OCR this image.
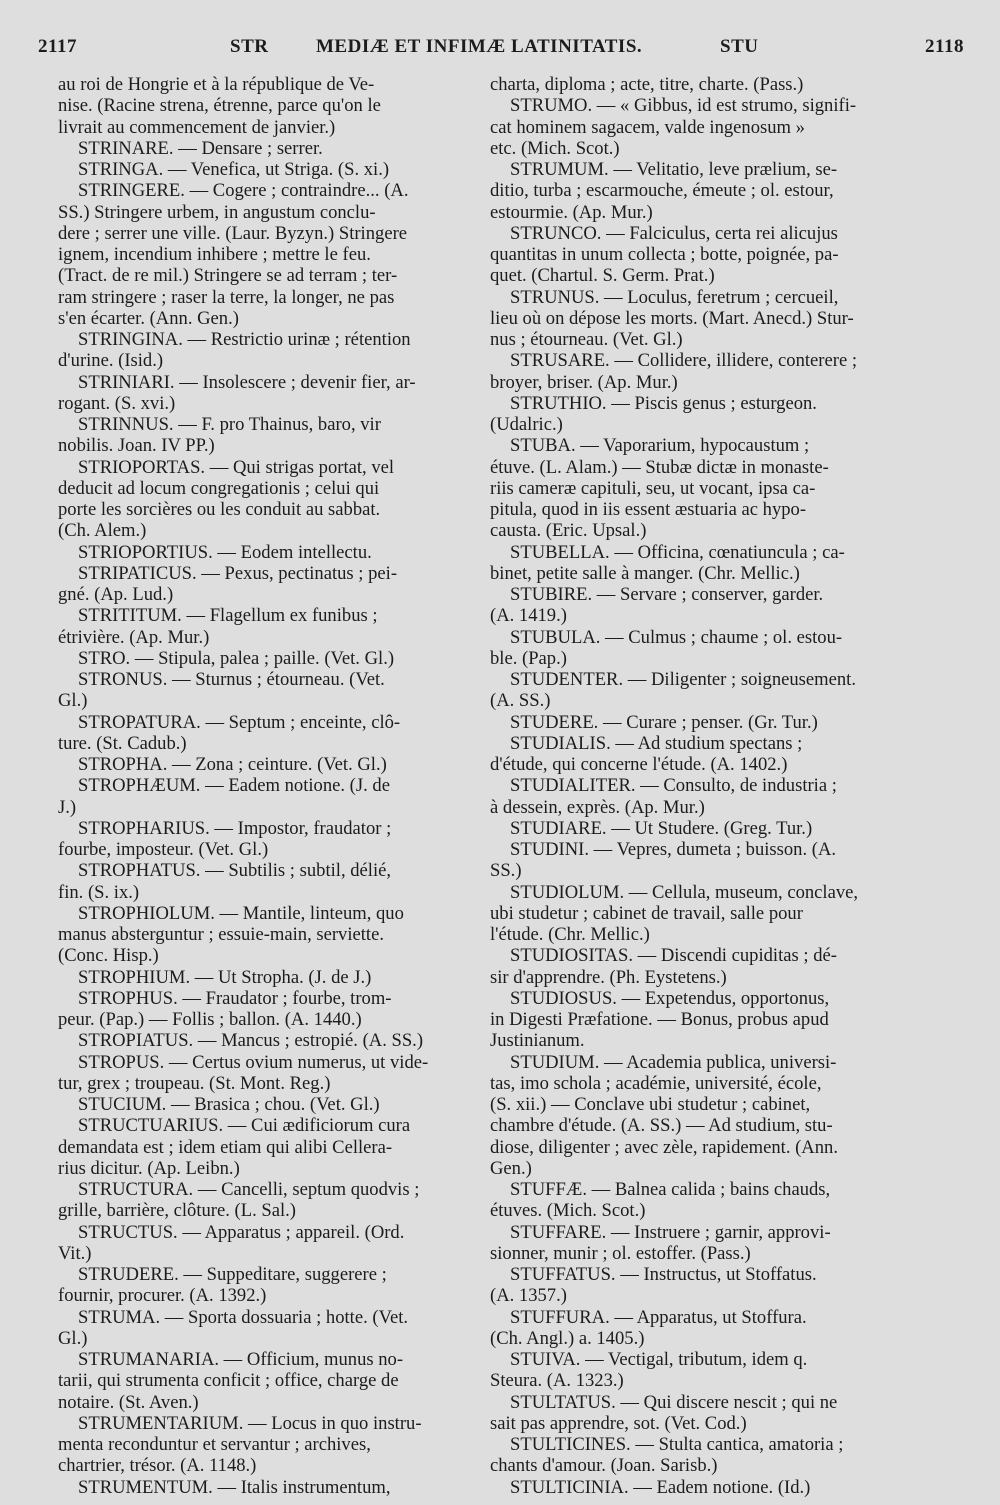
2117	STR	MEDIÆ ET INFIMÆ LATINITATIS.	STU	2118
au roi de Hongrie et à la république de Ve-
nise. (Racine strena, étrenne, parce qu'on le
livrait au commencement de janvier.)
STRINARE. — Densare ; serrer.
STRINGA. — Venefica, ut Striga. (S. xi.)
STRINGERE. — Cogere ; contraindre... (A.
SS.) Stringere urbem, in angustum conclu-
dere ; serrer une ville. (Laur. Byzyn.) Stringere
ignem, incendium inhibere ; mettre le feu.
(Tract. de re mil.) Stringere se ad terram ; ter-
ram stringere ; raser la terre, la longer, ne pas
s'en écarter. (Ann. Gen.)
STRINGINA. — Restrictio urinæ ; rétention
d'urine. (Isid.)
STRINIARI. — Insolescere ; devenir fier, ar-
rogant. (S. xvi.)
STRINNUS. — F. pro Thainus, baro, vir
nobilis. Joan. IV PP.)
STRIOPORTAS. — Qui strigas portat, vel
deducit ad locum congregationis ; celui qui
porte les sorcières ou les conduit au sabbat.
(Ch. Alem.)
STRIOPORTIUS. — Eodem intellectu.
STRIPATICUS. — Pexus, pectinatus ; pei-
gné. (Ap. Lud.)
STRITITUM. — Flagellum ex funibus ;
étrivière. (Ap. Mur.)
STRO. — Stipula, palea ; paille. (Vet. Gl.)
STRONUS. — Sturnus ; étourneau. (Vet.
Gl.)
STROPATURA. — Septum ; enceinte, clô-
ture. (St. Cadub.)
STROPHA. — Zona ; ceinture. (Vet. Gl.)
STROPHÆUM. — Eadem notione. (J. de
J.)
STROPHARIUS. — Impostor, fraudator ;
fourbe, imposteur. (Vet. Gl.)
STROPHATUS. — Subtilis ; subtil, délié,
fin. (S. ix.)
STROPHIOLUM. — Mantile, linteum, quo
manus absterguntur ; essuie-main, serviette.
(Conc. Hisp.)
STROPHIUM. — Ut Stropha. (J. de J.)
STROPHUS. — Fraudator ; fourbe, trom-
peur. (Pap.) — Follis ; ballon. (A. 1440.)
STROPIATUS. — Mancus ; estropié. (A. SS.)
STROPUS. — Certus ovium numerus, ut vide-
tur, grex ; troupeau. (St. Mont. Reg.)
STUCIUM. — Brasica ; chou. (Vet. Gl.)
STRUCTUARIUS. — Cui ædificiorum cura
demandata est ; idem etiam qui alibi Cellera-
rius dicitur. (Ap. Leibn.)
STRUCTURA. — Cancelli, septum quodvis ;
grille, barrière, clôture. (L. Sal.)
STRUCTUS. — Apparatus ; appareil. (Ord.
Vit.)
STRUDERE. — Suppeditare, suggerere ;
fournir, procurer. (A. 1392.)
STRUMA. — Sporta dossuaria ; hotte. (Vet.
Gl.)
STRUMANARIA. — Officium, munus no-
tarii, qui strumenta conficit ; office, charge de
notaire. (St. Aven.)
STRUMENTARIUM. — Locus in quo instru-
menta reconduntur et servantur ; archives,
chartrier, trésor. (A. 1148.)
STRUMENTUM. — Italis instrumentum,
charta, diploma ; acte, titre, charte. (Pass.)
STRUMO. — « Gibbus, id est strumo, signifi-
cat hominem sagacem, valde ingenosum »
etc. (Mich. Scot.)
STRUMUM. — Velitatio, leve prælium, se-
ditio, turba ; escarmouche, émeute ; ol. estour,
estourmie. (Ap. Mur.)
STRUNCO. — Falciculus, certa rei alicujus
quantitas in unum collecta ; botte, poignée, pa-
quet. (Chartul. S. Germ. Prat.)
STRUNUS. — Loculus, feretrum ; cercueil,
lieu où on dépose les morts. (Mart. Anecd.) Stur-
nus ; étourneau. (Vet. Gl.)
STRUSARE. — Collidere, illidere, conterere ;
broyer, briser. (Ap. Mur.)
STRUTHIO. — Piscis genus ; esturgeon.
(Udalric.)
STUBA. — Vaporarium, hypocaustum ;
étuve. (L. Alam.) — Stubæ dictæ in monaste-
riis cameræ capituli, seu, ut vocant, ipsa ca-
pitula, quod in iis essent æstuaria ac hypo-
causta. (Eric. Upsal.)
STUBELLA. — Officina, cœnatiuncula ; ca-
binet, petite salle à manger. (Chr. Mellic.)
STUBIRE. — Servare ; conserver, garder.
(A. 1419.)
STUBULA. — Culmus ; chaume ; ol. estou-
ble. (Pap.)
STUDENTER. — Diligenter ; soigneusement.
(A. SS.)
STUDERE. — Curare ; penser. (Gr. Tur.)
STUDIALIS. — Ad studium spectans ;
d'étude, qui concerne l'étude. (A. 1402.)
STUDIALITER. — Consulto, de industria ;
à dessein, exprès. (Ap. Mur.)
STUDIARE. — Ut Studere. (Greg. Tur.)
STUDINI. — Vepres, dumeta ; buisson. (A.
SS.)
STUDIOLUM. — Cellula, museum, conclave,
ubi studetur ; cabinet de travail, salle pour
l'étude. (Chr. Mellic.)
STUDIOSITAS. — Discendi cupiditas ; dé-
sir d'apprendre. (Ph. Eystetens.)
STUDIOSUS. — Expetendus, opportonus,
in Digesti Præfatione. — Bonus, probus apud
Justinianum.
STUDIUM. — Academia publica, universi-
tas, imo schola ; académie, université, école,
(S. xii.) — Conclave ubi studetur ; cabinet,
chambre d'étude. (A. SS.) — Ad studium, stu-
diose, diligenter ; avec zèle, rapidement. (Ann.
Gen.)
STUFFÆ. — Balnea calida ; bains chauds,
étuves. (Mich. Scot.)
STUFFARE. — Instruere ; garnir, approvi-
sionner, munir ; ol. estoffer. (Pass.)
STUFFATUS. — Instructus, ut Stoffatus.
(A. 1357.)
STUFFURA. — Apparatus, ut Stoffura.
(Ch. Angl.) a. 1405.)
STUIVA. — Vectigal, tributum, idem q.
Steura. (A. 1323.)
STULTATUS. — Qui discere nescit ; qui ne
sait pas apprendre, sot. (Vet. Cod.)
STULTICINES. — Stulta cantica, amatoria ;
chants d'amour. (Joan. Sarisb.)
STULTICINIA. — Eadem notione. (Id.)
